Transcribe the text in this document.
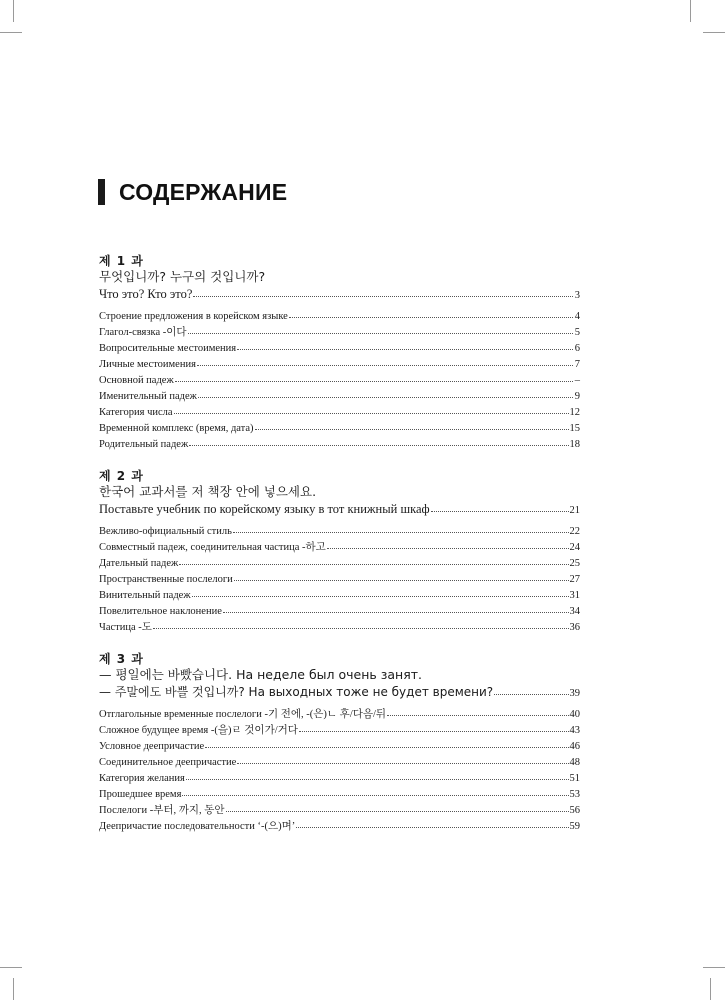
СОДЕРЖАНИЕ
제 1 과
무엇입니까? 누구의 것입니까?
Что это? Кто это?	3
Строение предложения в корейском языке	4
Глагол-связка -이다	5
Вопросительные местоимения	6
Личные местоимения	7
Основной падеж	–
Именительный падеж	9
Категория числа	12
Временной комплекс (время, дата)	15
Родительный падеж	18
제 2 과
한국어 교과서를 저 책장 안에 넣으세요.
Поставьте учебник по корейскому языку в тот книжный шкаф	21
Вежливо-официальный стиль	22
Совместный падеж, соединительная частица -하고	24
Дательный падеж	25
Пространственные послелоги	27
Винительный падеж	31
Повелительное наклонение	34
Частица -도	36
제 3 과
— 평일에는 바빴습니다. На неделе был очень занят.
— 주말에도 바쁠 것입니까? На выходных тоже не будет времени?	39
Отглагольные временные послелоги -기 전에, -(은)ㄴ 후/다음/뒤	40
Сложное будущее время -(을)ㄹ 것이가/거다	43
Условное деепричастие	46
Соединительное деепричастие	48
Категория желания	51
Прошедшее время	53
Послелоги -부터, 까지, 동안	56
Деепричастие последовательности ‘-(으)며’	59
